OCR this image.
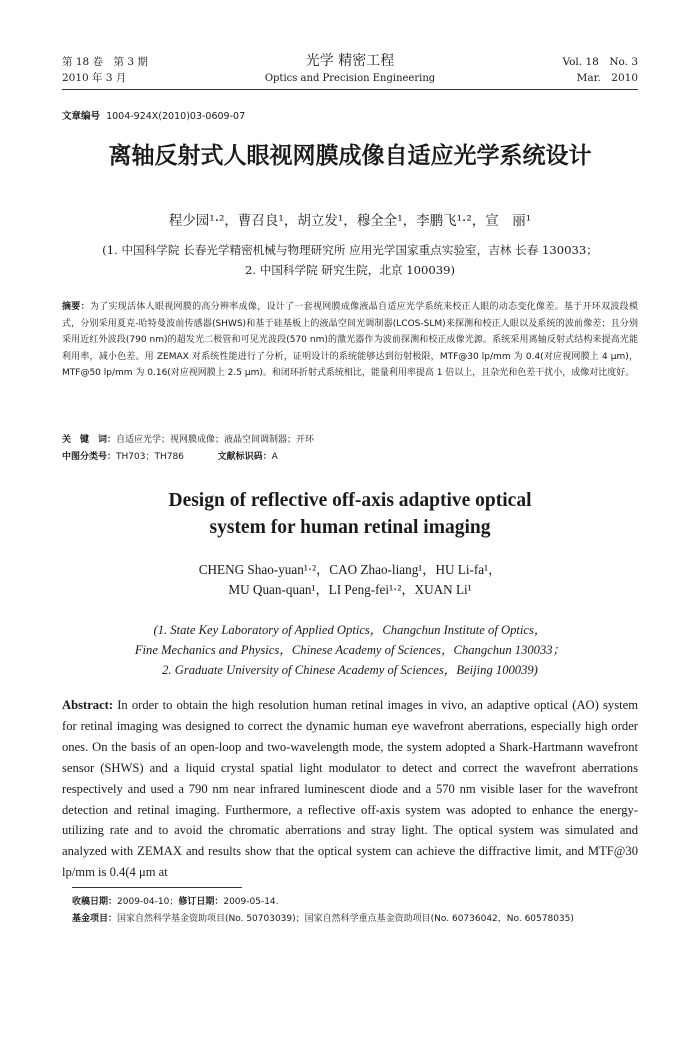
第 18 卷　第 3 期
2010 年 3 月
光学 精密工程
Optics and Precision Engineering
Vol. 18　No. 3
Mar.　2010
文章编号 1004-924X(2010)03-0609-07
离轴反射式人眼视网膜成像自适应光学系统设计
程少园¹·²，曹召良¹，胡立发¹，穆全全¹，李鹏飞¹·²，宣　丽¹
(1. 中国科学院 长春光学精密机械与物理研究所 应用光学国家重点实验室，吉林 长春 130033；
2. 中国科学院 研究生院，北京 100039)
摘要：为了实现活体人眼视网膜的高分辨率成像，设计了一套视网膜成像液晶自适应光学系统来校正人眼的动态变化像差。基于开环双波段模式，分别采用夏克-哈特曼波前传感器(SHWS)和基于硅基板上的液晶空间光调制器(LCOS-SLM)来探测和校正人眼以及系统的波前像差；且分别采用近红外波段(790 nm)的超发光二极管和可见光波段(570 nm)的激光器作为波前探测和校正成像光源。系统采用离轴反射式结构来提高光能利用率，减小色差。用 ZEMAX 对系统性能进行了分析，证明设计的系统能够达到衍射极限，MTF@30 lp/mm 为 0.4(对应视网膜上 4 μm)，MTF@50 lp/mm 为 0.16(对应视网膜上 2.5 μm)。和闭环折射式系统相比，能量利用率提高 1 倍以上，且杂光和色差干扰小，成像对比度好。
关　键　词：自适应光学；视网膜成像；液晶空间调制器；开环
中图分类号：TH703；TH786	文献标识码：A
Design of reflective off-axis adaptive optical
system for human retinal imaging
CHENG Shao-yuan¹·²，CAO Zhao-liang¹，HU Li-fa¹，
MU Quan-quan¹，LI Peng-fei¹·²，XUAN Li¹
(1. State Key Laboratory of Applied Optics，Changchun Institute of Optics，
Fine Mechanics and Physics，Chinese Academy of Sciences，Changchun 130033；
2. Graduate University of Chinese Academy of Sciences，Beijing 100039)
Abstract: In order to obtain the high resolution human retinal images in vivo, an adaptive optical (AO) system for retinal imaging was designed to correct the dynamic human eye wavefront aberrations, especially high order ones. On the basis of an open-loop and two-wavelength mode, the system adopted a Shark-Hartmann wavefront sensor (SHWS) and a liquid crystal spatial light modulator to detect and correct the wavefront aberrations respectively and used a 790 nm near infrared luminescent diode and a 570 nm visible laser for the wavefront detection and retinal imaging. Furthermore, a reflective off-axis system was adopted to enhance the energy-utilizing rate and to avoid the chromatic aberrations and stray light. The optical system was simulated and analyzed with ZEMAX and results show that the optical system can achieve the diffractive limit, and MTF@30 lp/mm is 0.4(4 μm at
收稿日期：2009-04-10；修订日期：2009-05-14.
基金项目：国家自然科学基金资助项目(No. 50703039)；国家自然科学重点基金资助项目(No. 60736042，No. 60578035)
